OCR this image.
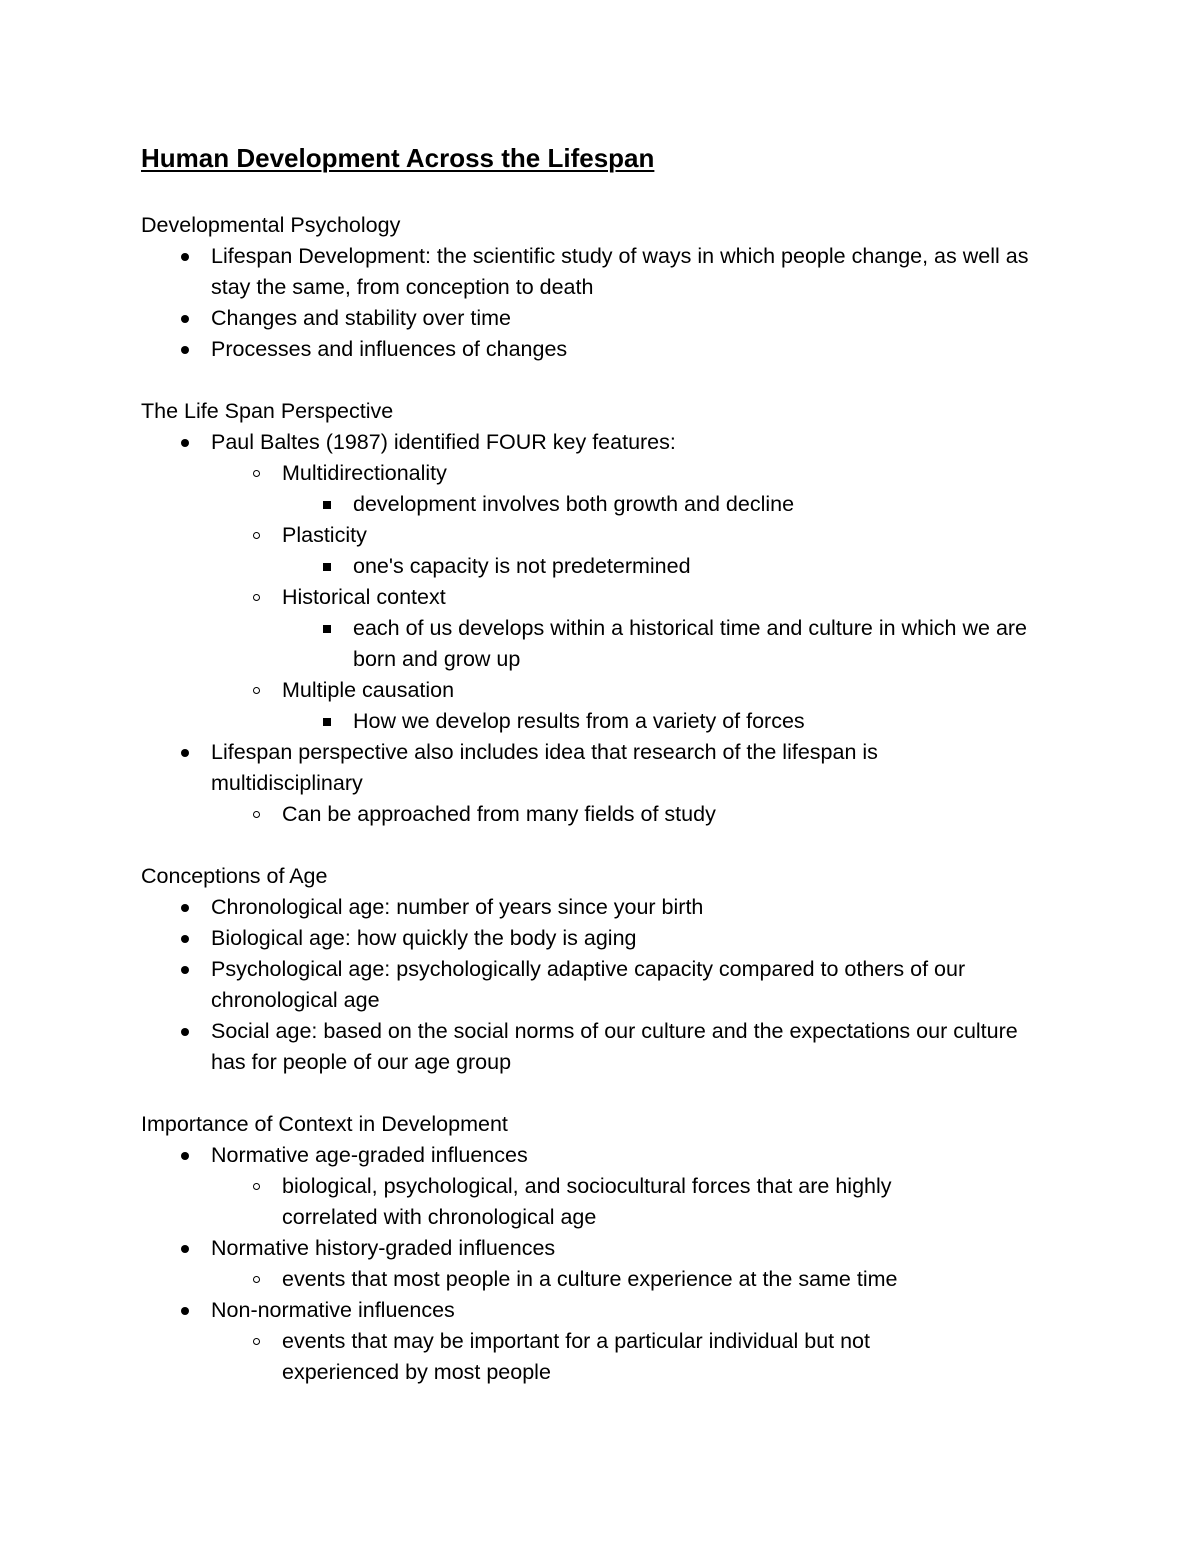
Human Development Across the Lifespan

Developmental Psychology

Lifespan Development: the scientific study of ways in which people change, as well as stay the same, from conception to death
Changes and stability over time
Processes and influences of changes

The Life Span Perspective

Paul Baltes (1987) identified FOUR key features:
Multidirectionality
development involves both growth and decline
Plasticity
one's capacity is not predetermined
Historical context
each of us develops within a historical time and culture in which we are born and grow up
Multiple causation
How we develop results from a variety of forces
Lifespan perspective also includes idea that research of the lifespan is multidisciplinary
Can be approached from many fields of study

Conceptions of Age

Chronological age: number of years since your birth
Biological age: how quickly the body is aging
Psychological age: psychologically adaptive capacity compared to others of our chronological age
Social age: based on the social norms of our culture and the expectations our culture has for people of our age group

Importance of Context in Development

Normative age-graded influences
biological, psychological, and sociocultural forces that are highly correlated with chronological age
Normative history-graded influences
events that most people in a culture experience at the same time
Non-normative influences
events that may be important for a particular individual but not experienced by most people
